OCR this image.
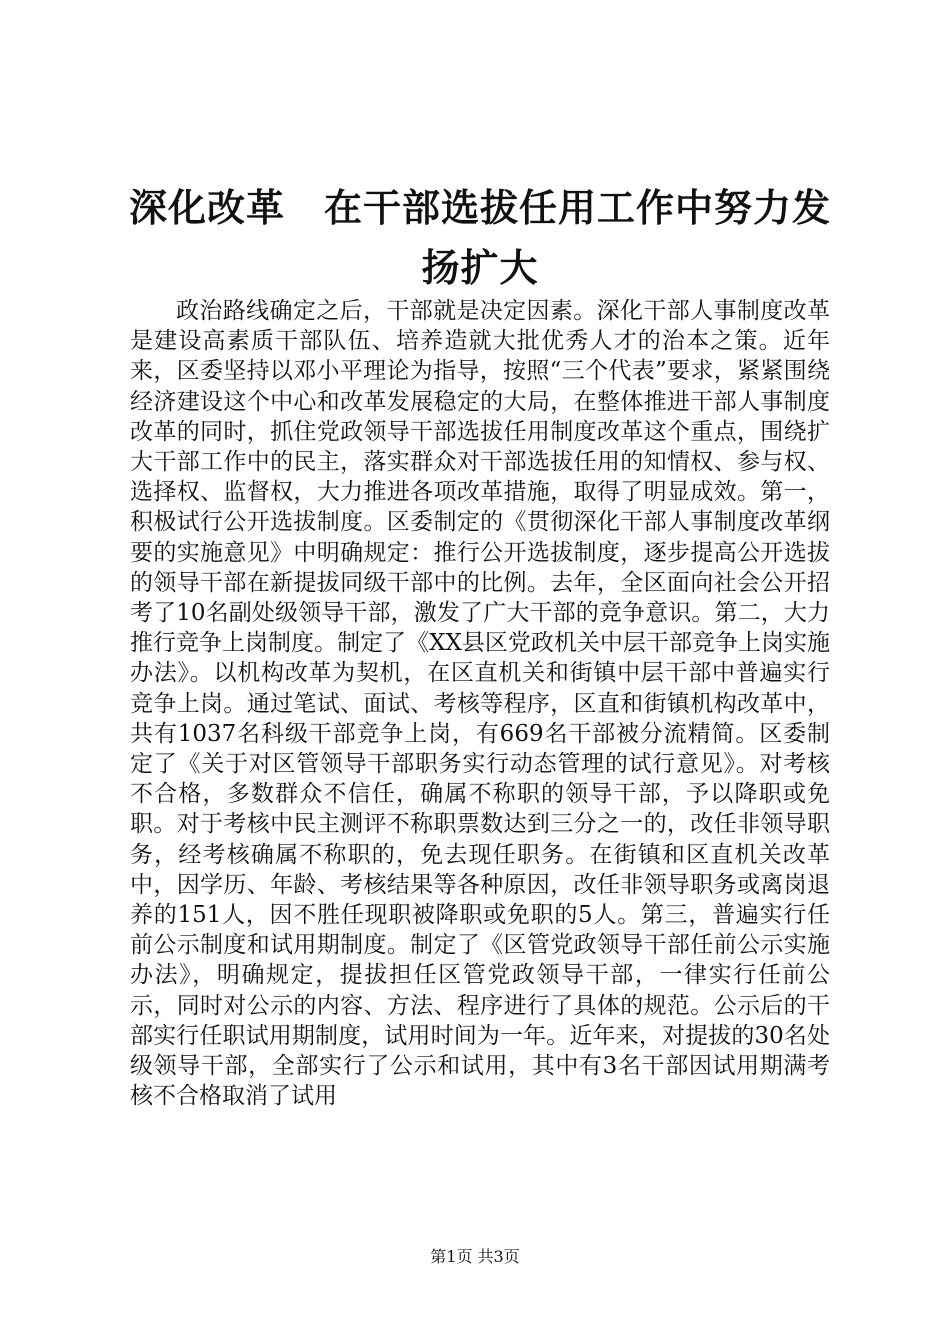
深化改革　在干部选拔任用工作中努力发扬扩大

政治路线确定之后，干部就是决定因素。深化干部人事制度改革是建设高素质干部队伍、培养造就大批优秀人才的治本之策。近年来，区委坚持以邓小平理论为指导，按照“三个代表”要求，紧紧围绕经济建设这个中心和改革发展稳定的大局，在整体推进干部人事制度改革的同时，抓住党政领导干部选拔任用制度改革这个重点，围绕扩大干部工作中的民主，落实群众对干部选拔任用的知情权、参与权、选择权、监督权，大力推进各项改革措施，取得了明显成效。第一，积极试行公开选拔制度。区委制定的《贯彻深化干部人事制度改革纲要的实施意见》中明确规定：推行公开选拔制度，逐步提高公开选拔的领导干部在新提拔同级干部中的比例。去年，全区面向社会公开招考了10名副处级领导干部，激发了广大干部的竞争意识。第二，大力推行竞争上岗制度。制定了《XX县区党政机关中层干部竞争上岗实施办法》。以机构改革为契机，在区直机关和街镇中层干部中普遍实行竞争上岗。通过笔试、面试、考核等程序，区直和街镇机构改革中，共有1037名科级干部竞争上岗，有669名干部被分流精简。区委制定了《关于对区管领导干部职务实行动态管理的试行意见》。对考核不合格，多数群众不信任，确属不称职的领导干部，予以降职或免职。对于考核中民主测评不称职票数达到三分之一的，改任非领导职务，经考核确属不称职的，免去现任职务。在街镇和区直机关改革中，因学历、年龄、考核结果等各种原因，改任非领导职务或离岗退养的151人，因不胜任现职被降职或免职的5人。第三，普遍实行任前公示制度和试用期制度。制定了《区管党政领导干部任前公示实施办法》，明确规定，提拔担任区管党政领导干部，一律实行任前公示，同时对公示的内容、方法、程序进行了具体的规范。公示后的干部实行任职试用期制度，试用时间为一年。近年来，对提拔的30名处级领导干部，全部实行了公示和试用，其中有3名干部因试用期满考核不合格取消了试用

第1页 共3页
